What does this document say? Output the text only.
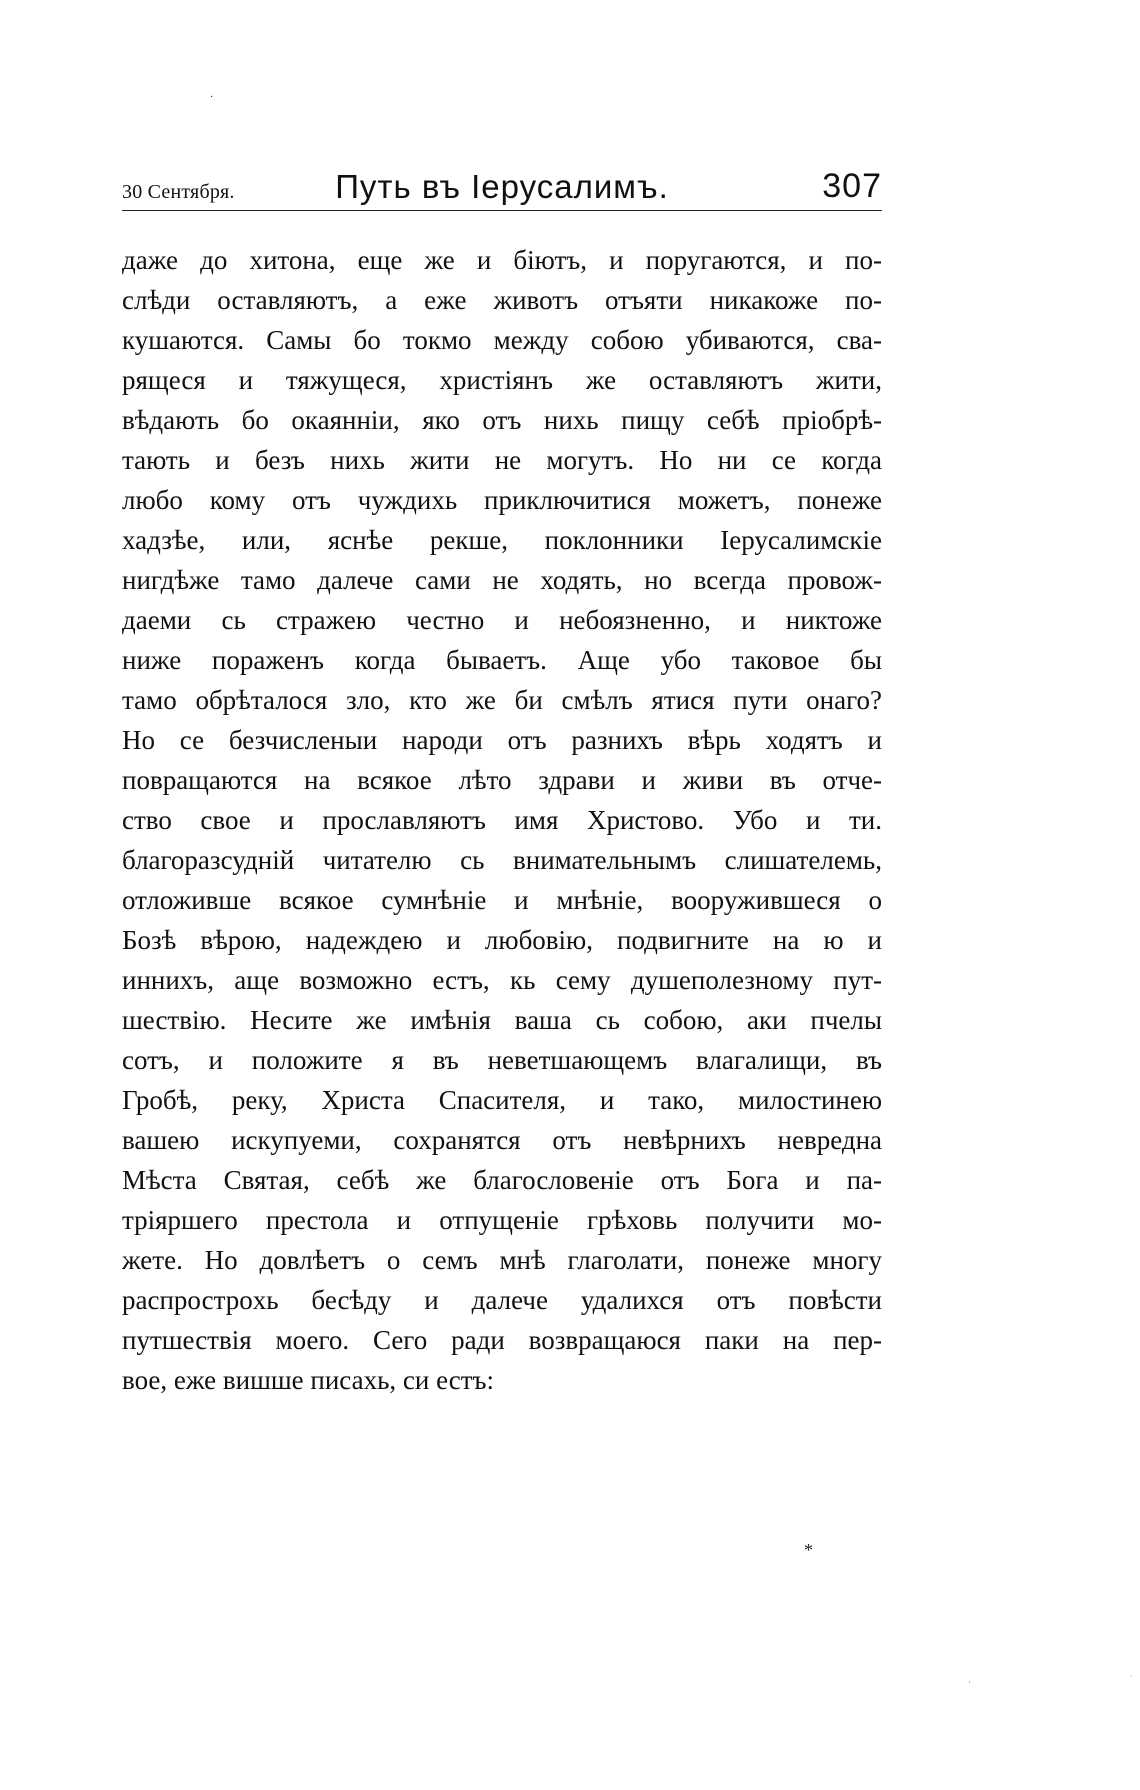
·
30 Сентября.	Путь въ Іерусалимъ.	307
даже до хитона, еще же и біютъ, и поругаются, и по-
слѣди оставляютъ, а еже животъ отъяти никакоже по-
кушаются. Самы бо токмо между собою убиваются, сва-
рящеся и тяжущеся, христіянъ же оставляютъ жити,
вѣдають бо окаянніи, яко отъ нихь пищу себѣ пріобрѣ-
тають и безъ нихь жити не могутъ. Но ни се когда
любо кому отъ чуждихь приключитися можетъ, понеже
хадзѣе, или, яснѣе рекше, поклонники Іерусалимскіе
нигдѣже тамо далече сами не ходять, но всегда провож-
даеми сь стражею честно и небоязненно, и никтоже
ниже пораженъ когда бываетъ. Аще убо таковое бы
тамо обрѣталося зло, кто же би смѣлъ ятися пути онаго?
Но се безчисленыи народи отъ разнихъ вѣрь ходятъ и
повращаются на всякое лѣто здрави и живи въ отче-
ство свое и прославляютъ имя Христово. Убо и ти.
благоразсудній читателю сь внимательнымъ слишателемь,
отложивше всякое сумнѣніе и мнѣніе, вооружившеся о
Бозѣ вѣрою, надеждею и любовію, подвигните на ю и
инниxъ, аще возможно естъ, кь сему душеполезному пут-
шествію. Несите же имѣнія ваша сь собою, аки пчелы
сотъ, и положите я въ неветшающемъ влагалищи, въ
Гробѣ, реку, Христа Спасителя, и тако, милостинею
вашею искупуеми, сохранятся отъ невѣрнихъ невредна
Мѣста Святая, себѣ же благословеніе отъ Бога и па-
тріяршего престола и отпущеніе грѣховь получити мо-
жете. Но довлѣетъ о семъ мнѣ глаголати, понеже многу
распростроxь бесѣду и далече удалихся отъ повѣсти
путшествія моего. Сего ради возвращаюся паки на пер-
вое, еже вишше писахь, си естъ:
*
·
·
